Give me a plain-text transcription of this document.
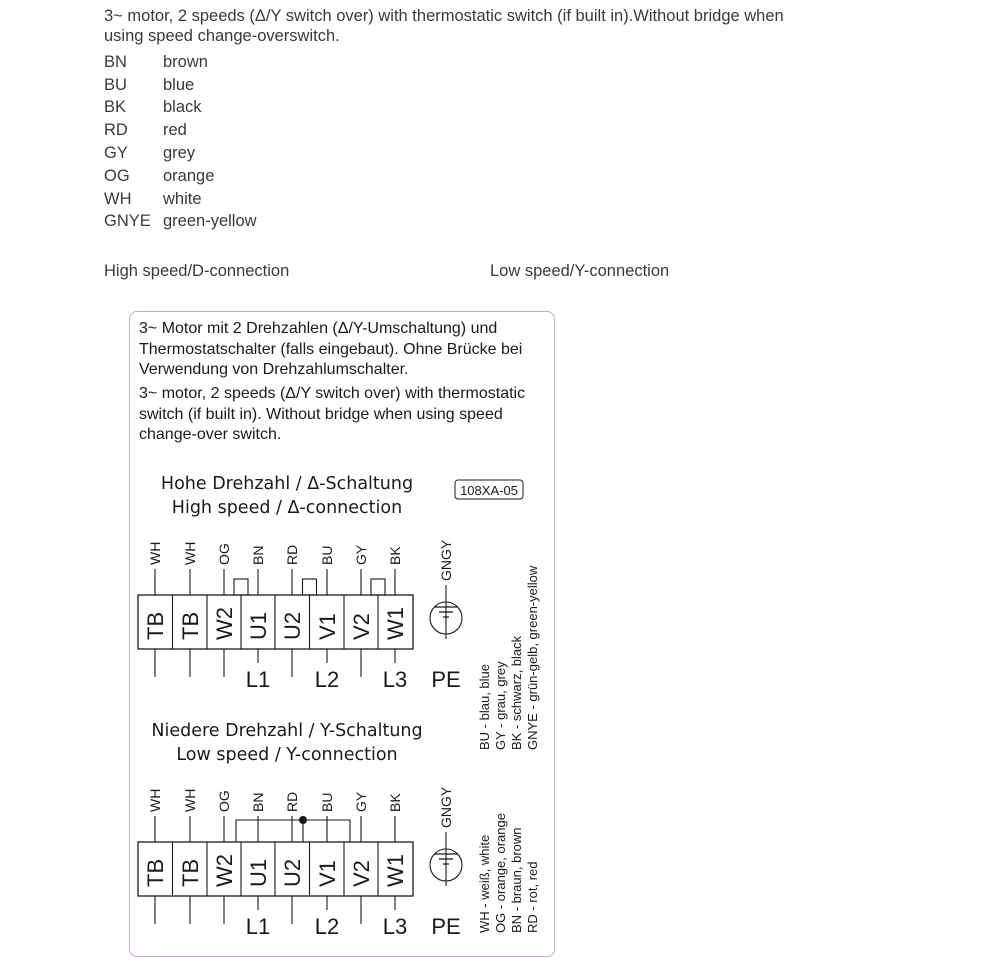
3~ motor, 2 speeds (Δ/Y switch over) with thermostatic switch (if built in).Without bridge when using speed change-overswitch.
BN	brown
BU	blue
BK	black
RD	red
GY	grey
OG	orange
WH	white
GNYE green-yellow
High speed/D-connection	Low speed/Y-connection
3~ Motor mit 2 Drehzahlen (Δ/Y-Umschaltung) und Thermostatschalter (falls eingebaut). Ohne Brücke bei Verwendung von Drehzahlumschalter.
3~ motor, 2 speeds (Δ/Y switch over) with thermostatic switch (if built in). Without bridge when using speed change-over switch.
Hohe Drehzahl / Δ-Schaltung
High speed / Δ-connection
Niedere Drehzahl / Y-Schaltung
Low speed / Y-connection
108XA-05
WH
TB
WH
TB
OG
W2
BN
U1
RD
U2
BU
V1
GY
V2
BK
W1
L1 L2 L3
GNGY
PE
WH
TB
WH
TB
OG
W2
BN
U1
RD
U2
BU
V1
GY
V2
BK
W1
L1 L2 L3
GNGY
PE
BU - blau, blue GY - grau, grey BK - schwarz, black GNYE - grün-gelb, green-yellow
WH - weiß, white OG - orange, orange BN - braun, brown RD - rot, red
